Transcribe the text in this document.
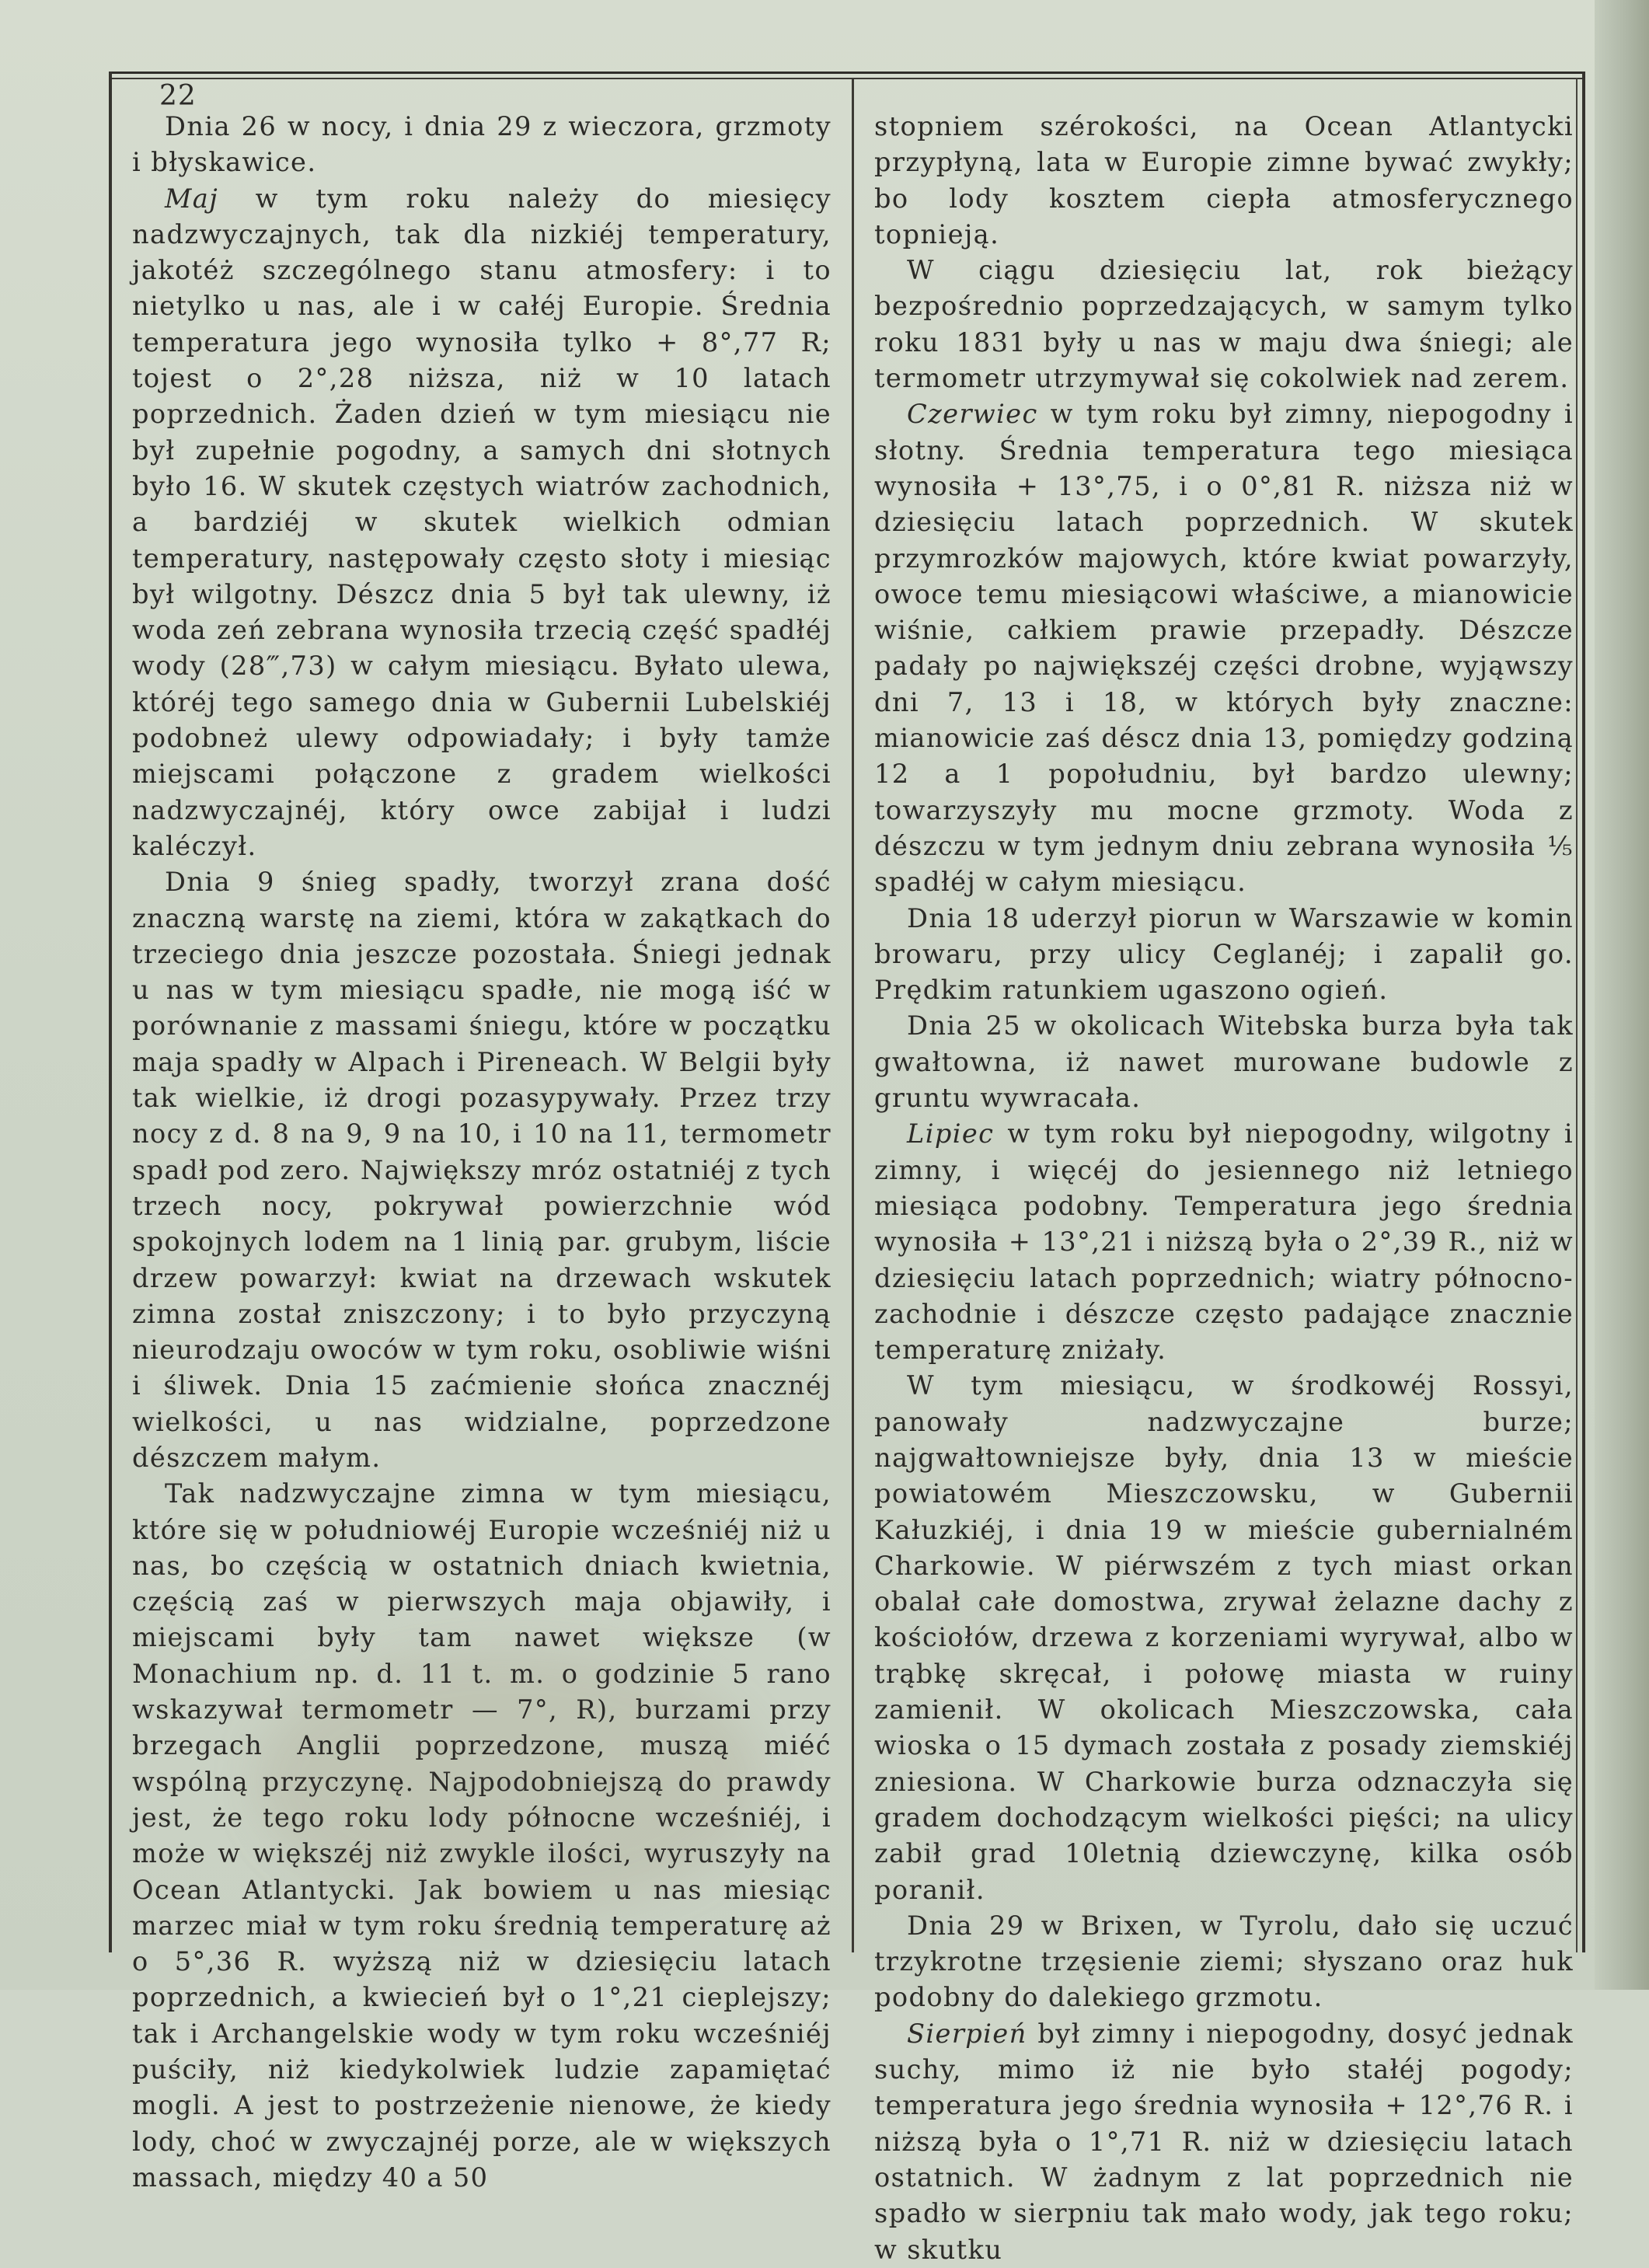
22

Dnia 26 w nocy, i dnia 29 z wieczora, grzmoty i błyskawice.

Maj w tym roku należy do miesięcy nadzwyczajnych, tak dla nizkiéj temperatury, jakotéż szczególnego stanu atmosfery: i to nietylko u nas, ale i w całéj Europie. Średnia temperatura jego wynosiła tylko + 8°,77 R; tojest o 2°,28 niższa, niż w 10 latach poprzednich. Żaden dzień w tym miesiącu nie był zupełnie pogodny, a samych dni słotnych było 16. W skutek częstych wiatrów zachodnich, a bardziéj w skutek wielkich odmian temperatury, następowały często słoty i miesiąc był wilgotny. Dészcz dnia 5 był tak ulewny, iż woda zeń zebrana wynosiła trzecią część spadłéj wody (28‴,73) w całym miesiącu. Byłato ulewa, któréj tego samego dnia w Gubernii Lubelskiéj podobneż ulewy odpowiadały; i były tamże miejscami połączone z gradem wielkości nadzwyczajnéj, który owce zabijał i ludzi kaléczył.

Dnia 9 śnieg spadły, tworzył zrana dość znaczną warstę na ziemi, która w zakątkach do trzeciego dnia jeszcze pozostała. Śniegi jednak u nas w tym miesiącu spadłe, nie mogą iść w porównanie z massami śniegu, które w początku maja spadły w Alpach i Pireneach. W Belgii były tak wielkie, iż drogi pozasypywały. Przez trzy nocy z d. 8 na 9, 9 na 10, i 10 na 11, termometr spadł pod zero. Największy mróz ostatniéj z tych trzech nocy, pokrywał powierzchnie wód spokojnych lodem na 1 linią par. grubym, liście drzew powarzył: kwiat na drzewach wskutek zimna został zniszczony; i to było przyczyną nieurodzaju owoców w tym roku, osobliwie wiśni i śliwek. Dnia 15 zaćmienie słońca znacznéj wielkości, u nas widzialne, poprzedzone dészczem małym.

Tak nadzwyczajne zimna w tym miesiącu, które się w południowéj Europie wcześniéj niż u nas, bo częścią w ostatnich dniach kwietnia, częścią zaś w pierwszych maja objawiły, i miejscami były tam nawet większe (w Monachium np. d. 11 t. m. o godzinie 5 rano wskazywał termometr — 7°, R), burzami przy brzegach Anglii poprzedzone, muszą miéć wspólną przyczynę. Najpodobniejszą do prawdy jest, że tego roku lody północne wcześniéj, i może w większéj niż zwykle ilości, wyruszyły na Ocean Atlantycki. Jak bowiem u nas miesiąc marzec miał w tym roku średnią temperaturę aż o 5°,36 R. wyższą niż w dziesięciu latach poprzednich, a kwiecień był o 1°,21 cieplejszy; tak i Archangelskie wody w tym roku wcześniéj puściły, niż kiedykolwiek ludzie zapamiętać mogli. A jest to postrzeżenie nienowe, że kiedy lody, choć w zwyczajnéj porze, ale w większych massach, między 40 a 50

stopniem szérokości, na Ocean Atlantycki przypłyną, lata w Europie zimne bywać zwykły; bo lody kosztem ciepła atmosferycznego topnieją.

W ciągu dziesięciu lat, rok bieżący bezpośrednio poprzedzających, w samym tylko roku 1831 były u nas w maju dwa śniegi; ale termometr utrzymywał się cokolwiek nad zerem.

Czerwiec w tym roku był zimny, niepogodny i słotny. Średnia temperatura tego miesiąca wynosiła + 13°,75, i o 0°,81 R. niższa niż w dziesięciu latach poprzednich. W skutek przymrozków majowych, które kwiat powarzyły, owoce temu miesiącowi właściwe, a mianowicie wiśnie, całkiem prawie przepadły. Dészcze padały po największéj części drobne, wyjąwszy dni 7, 13 i 18, w których były znaczne: mianowicie zaś déscz dnia 13, pomiędzy godziną 12 a 1 popołudniu, był bardzo ulewny; towarzyszyły mu mocne grzmoty. Woda z dészczu w tym jednym dniu zebrana wynosiła ⅕ spadłéj w całym miesiącu.

Dnia 18 uderzył piorun w Warszawie w komin browaru, przy ulicy Ceglanéj; i zapalił go. Prędkim ratunkiem ugaszono ogień.

Dnia 25 w okolicach Witebska burza była tak gwałtowna, iż nawet murowane budowle z gruntu wywracała.

Lipiec w tym roku był niepogodny, wilgotny i zimny, i więcéj do jesiennego niż letniego miesiąca podobny. Temperatura jego średnia wynosiła + 13°,21 i niższą była o 2°,39 R., niż w dziesięciu latach poprzednich; wiatry północno-zachodnie i dészcze często padające znacznie temperaturę zniżały.

W tym miesiącu, w środkowéj Rossyi, panowały nadzwyczajne burze; najgwałtowniejsze były, dnia 13 w mieście powiatowém Mieszczowsku, w Gubernii Kałuzkiéj, i dnia 19 w mieście gubernialném Charkowie. W piérwszém z tych miast orkan obalał całe domostwa, zrywał żelazne dachy z kościołów, drzewa z korzeniami wyrywał, albo w trąbkę skręcał, i połowę miasta w ruiny zamienił. W okolicach Mieszczowska, cała wioska o 15 dymach została z posady ziemskiéj zniesiona. W Charkowie burza odznaczyła się gradem dochodzącym wielkości pięści; na ulicy zabił grad 10letnią dziewczynę, kilka osób poranił.

Dnia 29 w Brixen, w Tyrolu, dało się uczuć trzykrotne trzęsienie ziemi; słyszano oraz huk podobny do dalekiego grzmotu.

Sierpień był zimny i niepogodny, dosyć jednak suchy, mimo iż nie było stałéj pogody; temperatura jego średnia wynosiła + 12°,76 R. i niższą była o 1°,71 R. niż w dziesięciu latach ostatnich. W żadnym z lat poprzednich nie spadło w sierpniu tak mało wody, jak tego roku; w skutku
